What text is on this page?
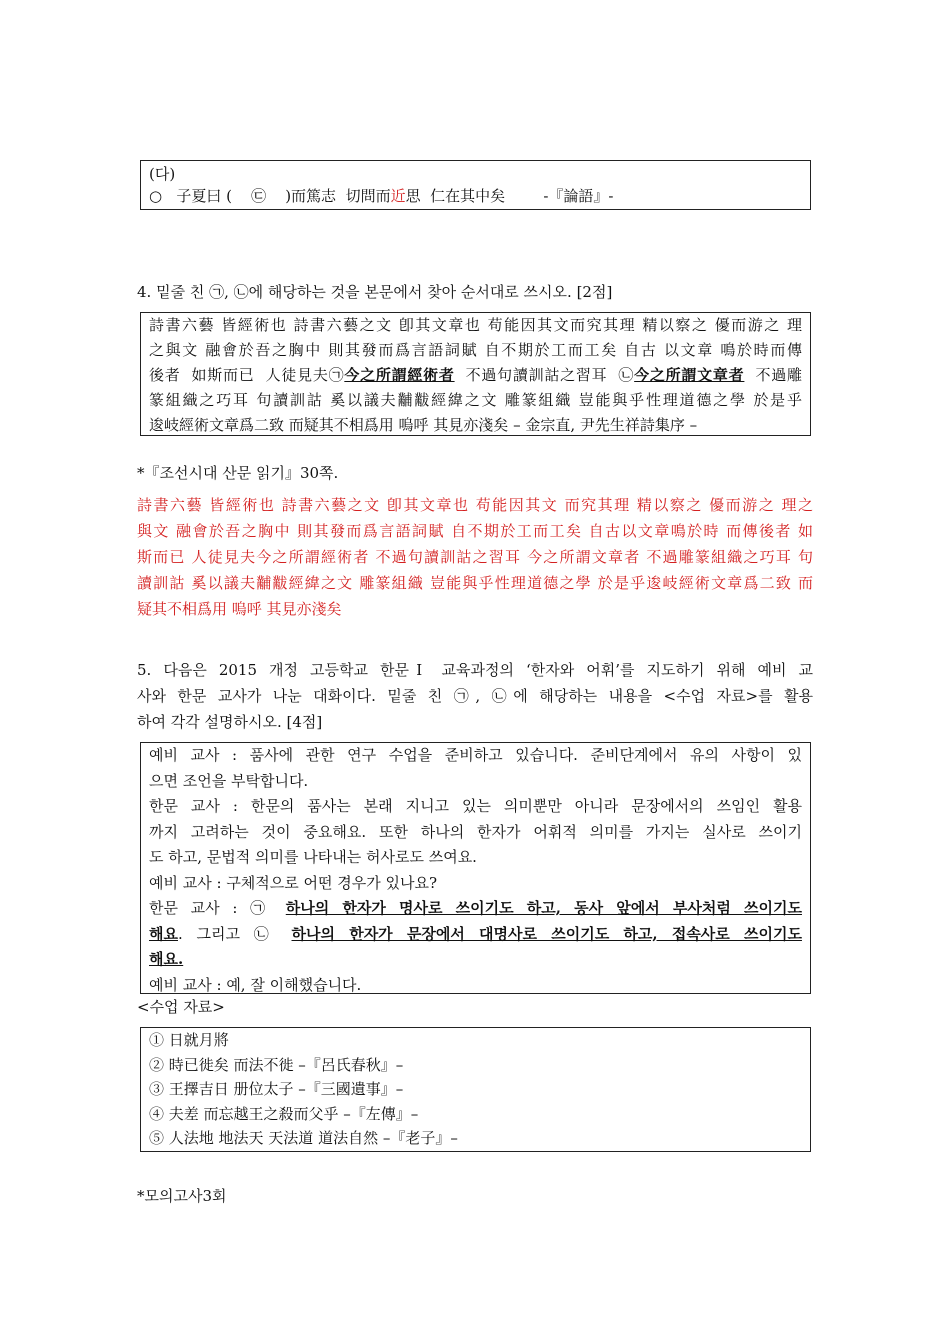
(다)
○ 子夏曰 ( ㉢ )而篤志  切問而近思  仁在其中矣	-『論語』-
4. 밑줄 친 ㉠, ㉡에 해당하는 것을 본문에서 찾아 순서대로 쓰시오. [2점]
詩書六藝 皆經術也 詩書六藝之文 卽其文章也 苟能因其文而究其理 精以察之 優而游之 理
之與文 融會於吾之胸中 則其發而爲言語詞賦 自不期於工而工矣 自古 以文章 鳴於時而傳
後者  如斯而已  人徒見夫㉠今之所謂經術者  不過句讀訓詁之習耳  ㉡今之所謂文章者  不過雕
篆組織之巧耳 句讀訓詁 奚以議夫黼黻經緯之文 雕篆組織 豈能與乎性理道德之學 於是乎
逡岐經術文章爲二致 而疑其不相爲用 嗚呼 其見亦淺矣 – 金宗直, 尹先生祥詩集序 –
*『조선시대 산문 읽기』30쪽.
詩書六藝 皆經術也 詩書六藝之文 卽其文章也 苟能因其文 而究其理 精以察之 優而游之 理之
與文 融會於吾之胸中 則其發而爲言語詞賦 自不期於工而工矣 自古以文章鳴於時 而傳後者 如
斯而已 人徒見夫今之所謂經術者 不過句讀訓詁之習耳 今之所謂文章者 不過雕篆組織之巧耳 句
讀訓詁 奚以議夫黼黻經緯之文 雕篆組織 豈能與乎性理道德之學 於是乎逡岐經術文章爲二致 而
疑其不相爲用 嗚呼 其見亦淺矣
5. 다음은 2015 개정 고등학교 한문Ⅰ 교육과정의 ‘한자와 어휘’를 지도하기 위해 예비 교
사와 한문 교사가 나눈 대화이다. 밑줄 친 ㉠, ㉡에 해당하는 내용을 <수업 자료>를 활용
하여 각각 설명하시오. [4점]
예비 교사 : 품사에 관한 연구 수업을 준비하고 있습니다. 준비단계에서 유의 사항이 있
으면 조언을 부탁합니다.
한문 교사 : 한문의 품사는 본래 지니고 있는 의미뿐만 아니라 문장에서의 쓰임인 활용
까지 고려하는 것이 중요해요. 또한 하나의 한자가 어휘적 의미를 가지는 실사로 쓰이기
도 하고, 문법적 의미를 나타내는 허사로도 쓰여요.
예비 교사 : 구체적으로 어떤 경우가 있나요?
한문 교사 : ㉠ 하나의 한자가 명사로 쓰이기도 하고, 동사 앞에서 부사처럼 쓰이기도
해요. 그리고 ㉡ 하나의 한자가 문장에서 대명사로 쓰이기도 하고, 접속사로 쓰이기도
해요.
예비 교사 : 예, 잘 이해했습니다.
<수업 자료>
① 日就月將
② 時已徙矣 而法不徙 –『呂氏春秋』–
③ 王擇吉日 册位太子 –『三國遺事』–
④ 夫差 而忘越王之殺而父乎 –『左傳』–
⑤ 人法地 地法天 天法道 道法自然 –『老子』–
*모의고사3회
